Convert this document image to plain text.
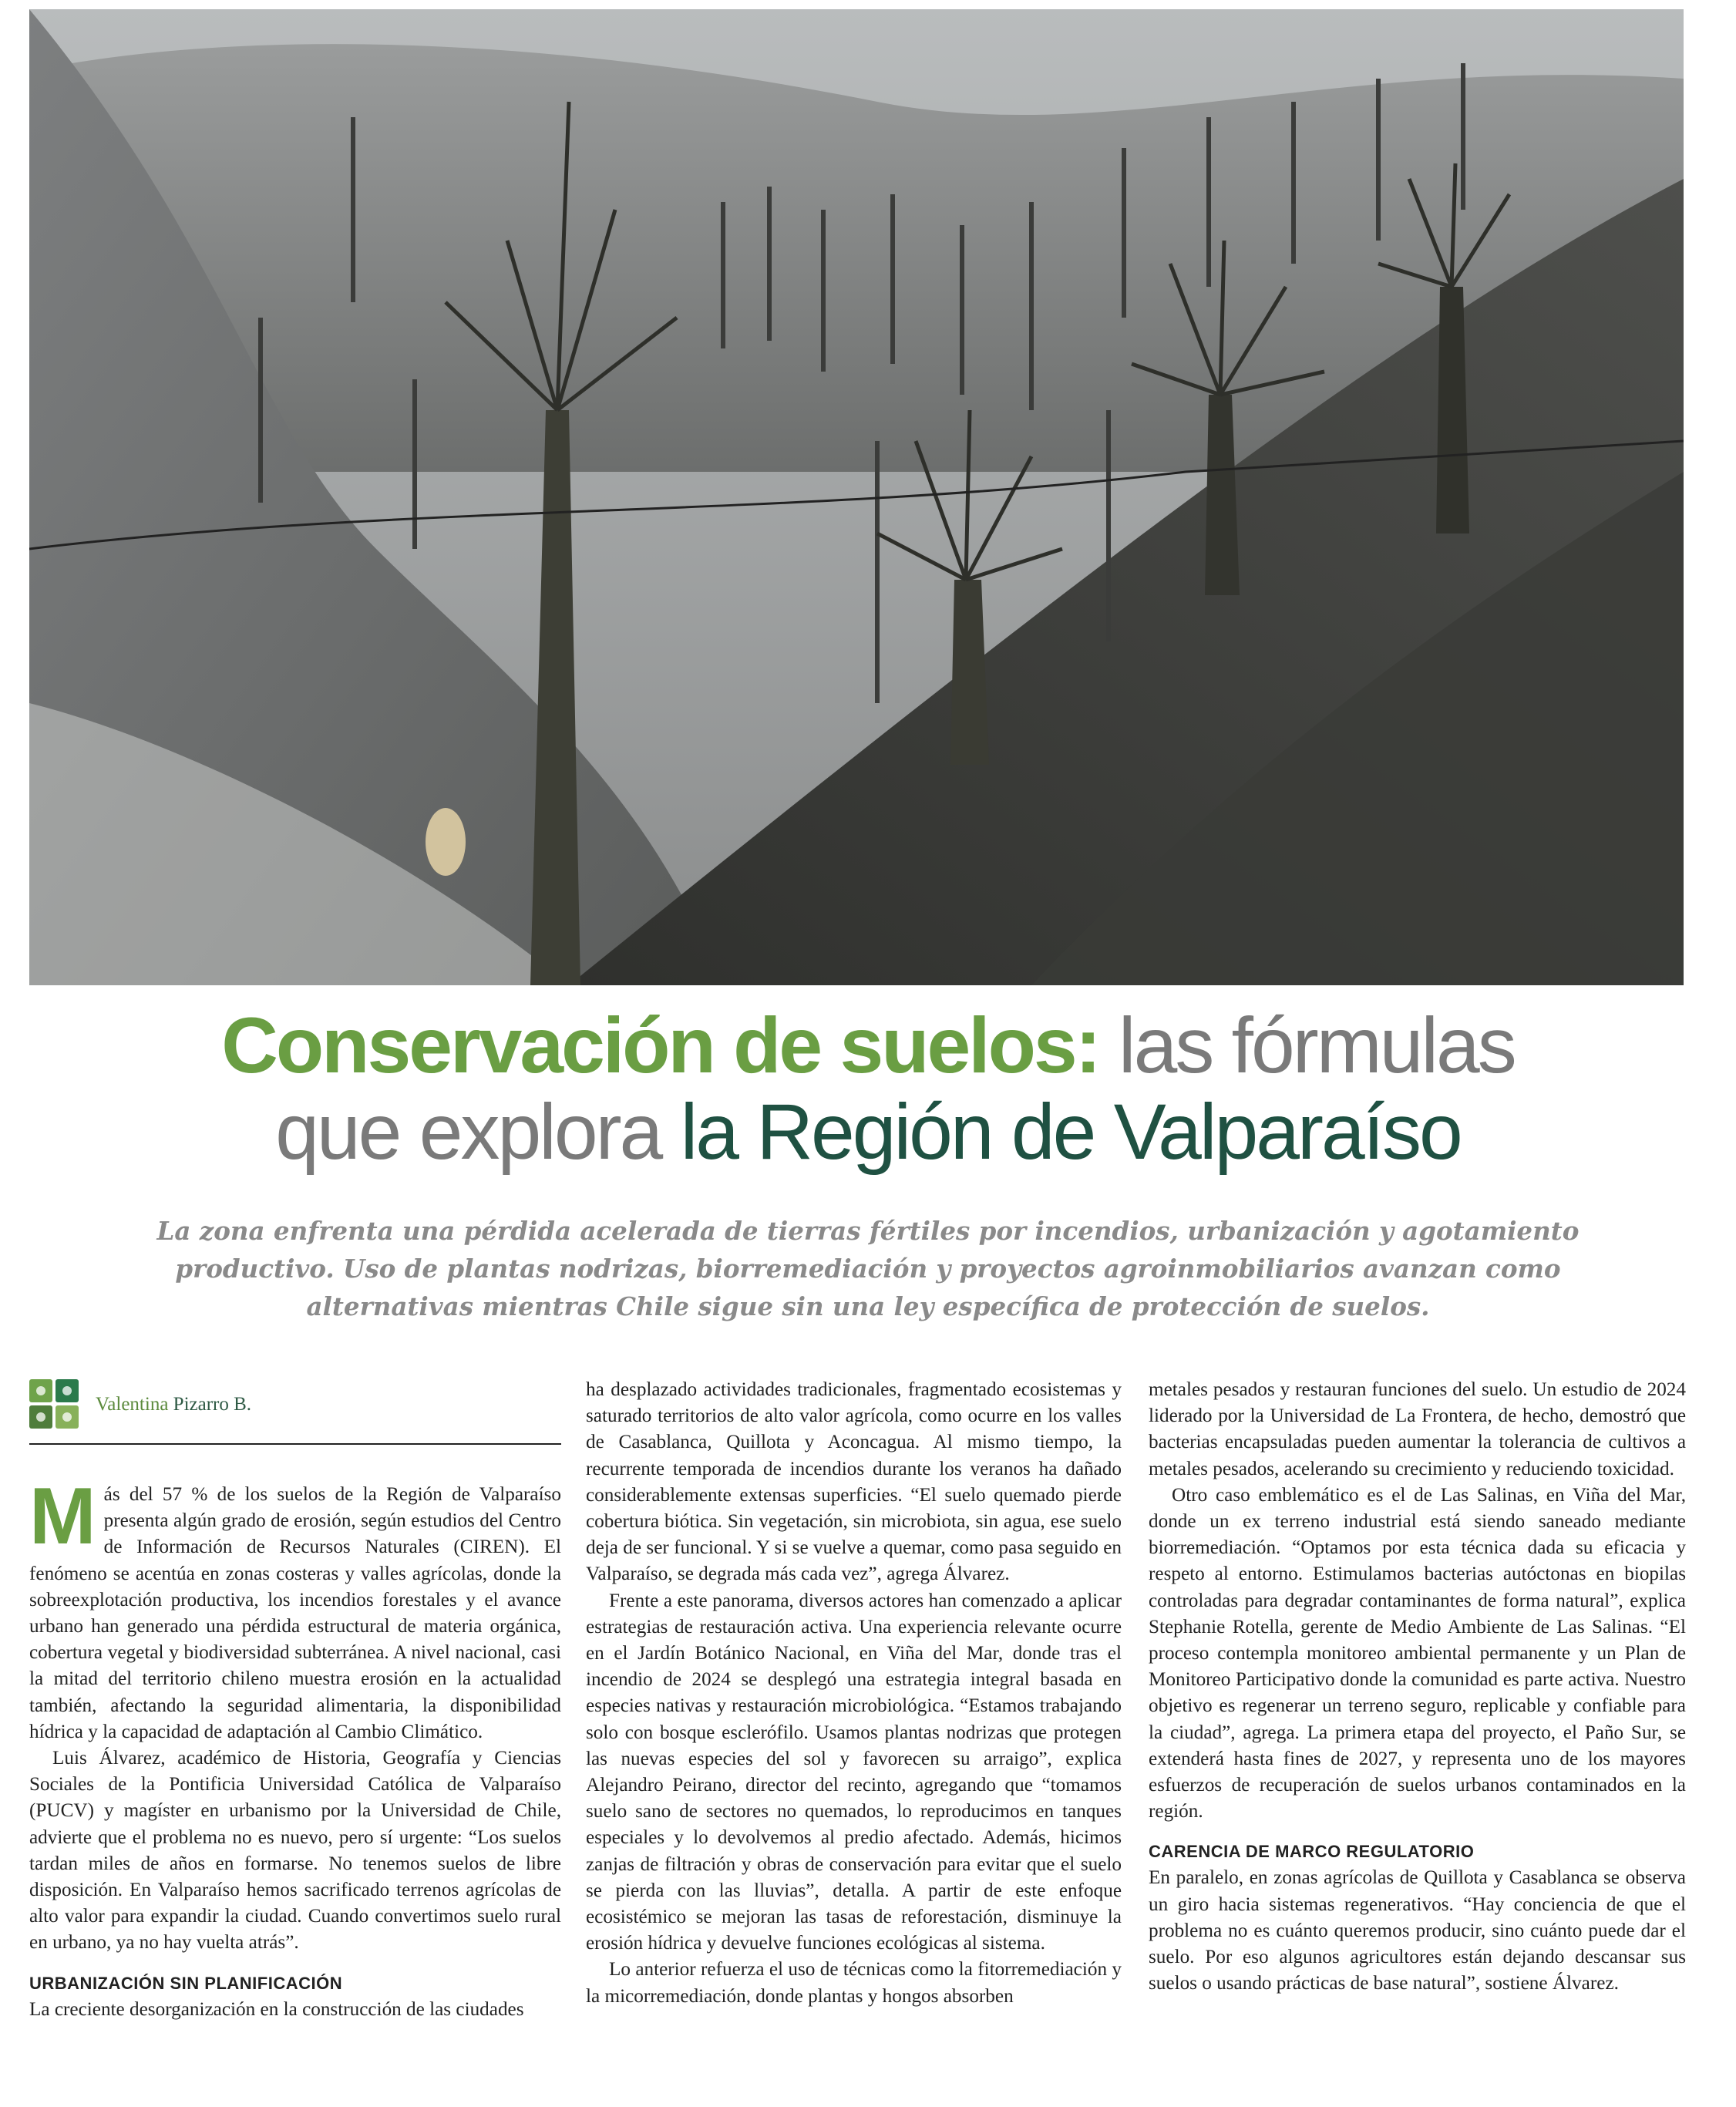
Conservación de suelos: las fórmulas
que explora la Región de Valparaíso
La zona enfrenta una pérdida acelerada de tierras fértiles por incendios, urbanización y agotamiento productivo. Uso de plantas nodrizas, biorremediación y proyectos agroinmobiliarios avanzan como alternativas mientras Chile sigue sin una ley específica de protección de suelos.
Valentina Pizarro B.

Más del 57 % de los suelos de la Región de Valparaíso presenta algún grado de erosión, según estudios del Centro de Información de Recursos Naturales (CIREN). El fenómeno se acentúa en zonas costeras y valles agrícolas, donde la sobreexplotación productiva, los incendios forestales y el avance urbano han generado una pérdida estructural de materia orgánica, cobertura vegetal y biodiversidad subterránea. A nivel nacional, casi la mitad del territorio chileno muestra erosión en la actualidad también, afectando la seguridad alimentaria, la disponibilidad hídrica y la capacidad de adaptación al Cambio Climático.

Luis Álvarez, académico de Historia, Geografía y Ciencias Sociales de la Pontificia Universidad Católica de Valparaíso (PUCV) y magíster en urbanismo por la Universidad de Chile, advierte que el problema no es nuevo, pero sí urgente: “Los suelos tardan miles de años en formarse. No tenemos suelos de libre disposición. En Valparaíso hemos sacrificado terrenos agrícolas de alto valor para expandir la ciudad. Cuando convertimos suelo rural en urbano, ya no hay vuelta atrás”.

URBANIZACIÓN SIN PLANIFICACIÓN

La creciente desorganización en la construcción de las ciudades

ha desplazado actividades tradicionales, fragmentado ecosistemas y saturado territorios de alto valor agrícola, como ocurre en los valles de Casablanca, Quillota y Aconcagua. Al mismo tiempo, la recurrente temporada de incendios durante los veranos ha dañado considerablemente extensas superficies. “El suelo quemado pierde cobertura biótica. Sin vegetación, sin microbiota, sin agua, ese suelo deja de ser funcional. Y si se vuelve a quemar, como pasa seguido en Valparaíso, se degrada más cada vez”, agrega Álvarez.

Frente a este panorama, diversos actores han comenzado a aplicar estrategias de restauración activa. Una experiencia relevante ocurre en el Jardín Botánico Nacional, en Viña del Mar, donde tras el incendio de 2024 se desplegó una estrategia integral basada en especies nativas y restauración microbiológica. “Estamos trabajando solo con bosque esclerófilo. Usamos plantas nodrizas que protegen las nuevas especies del sol y favorecen su arraigo”, explica Alejandro Peirano, director del recinto, agregando que “tomamos suelo sano de sectores no quemados, lo reproducimos en tanques especiales y lo devolvemos al predio afectado. Además, hicimos zanjas de filtración y obras de conservación para evitar que el suelo se pierda con las lluvias”, detalla. A partir de este enfoque ecosistémico se mejoran las tasas de reforestación, disminuye la erosión hídrica y devuelve funciones ecológicas al sistema.

Lo anterior refuerza el uso de técnicas como la fitorremediación y la micorremediación, donde plantas y hongos absorben

metales pesados y restauran funciones del suelo. Un estudio de 2024 liderado por la Universidad de La Frontera, de hecho, demostró que bacterias encapsuladas pueden aumentar la tolerancia de cultivos a metales pesados, acelerando su crecimiento y reduciendo toxicidad.

Otro caso emblemático es el de Las Salinas, en Viña del Mar, donde un ex terreno industrial está siendo saneado mediante biorremediación. “Optamos por esta técnica dada su eficacia y respeto al entorno. Estimulamos bacterias autóctonas en biopilas controladas para degradar contaminantes de forma natural”, explica Stephanie Rotella, gerente de Medio Ambiente de Las Salinas. “El proceso contempla monitoreo ambiental permanente y un Plan de Monitoreo Participativo donde la comunidad es parte activa. Nuestro objetivo es regenerar un terreno seguro, replicable y confiable para la ciudad”, agrega. La primera etapa del proyecto, el Paño Sur, se extenderá hasta fines de 2027, y representa uno de los mayores esfuerzos de recuperación de suelos urbanos contaminados en la región.

CARENCIA DE MARCO REGULATORIO

En paralelo, en zonas agrícolas de Quillota y Casablanca se observa un giro hacia sistemas regenerativos. “Hay conciencia de que el problema no es cuánto queremos producir, sino cuánto puede dar el suelo. Por eso algunos agricultores están dejando descansar sus suelos o usando prácticas de base natural”, sostiene Álvarez.
